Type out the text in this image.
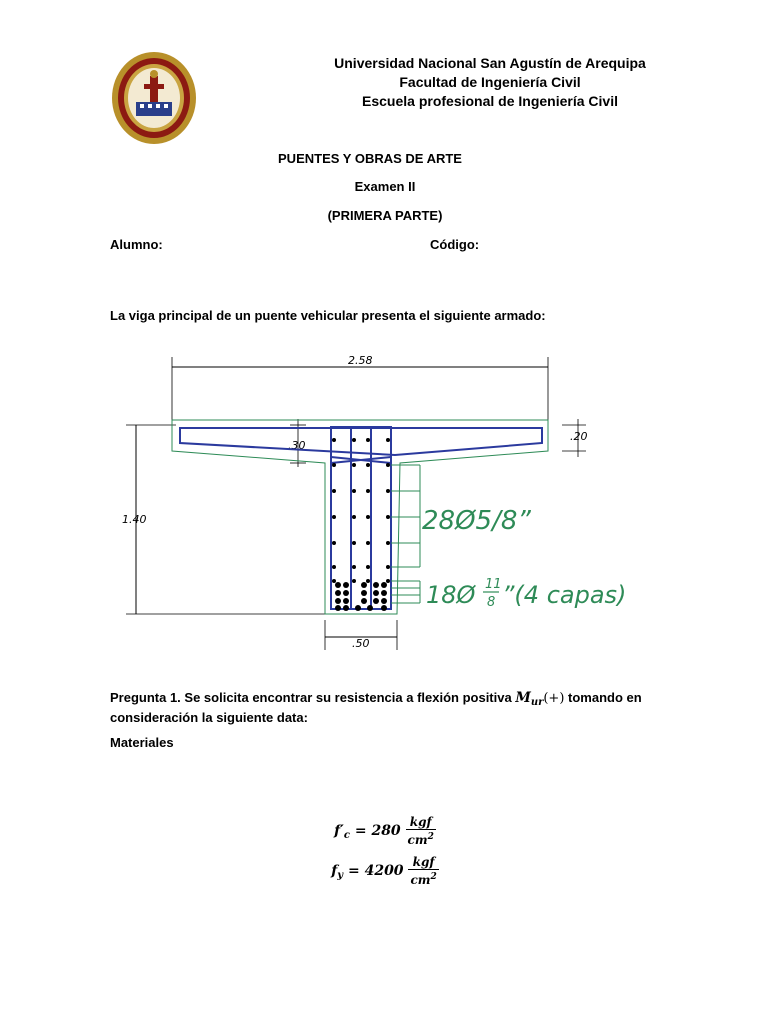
Universidad Nacional San Agustín de Arequipa
Facultad de Ingeniería Civil
Escuela profesional de Ingeniería Civil
PUENTES Y OBRAS DE ARTE
Examen II
(PRIMERA PARTE)
Alumno:	Código:
La viga principal de un puente vehicular presenta el siguiente armado:
2.58
1.40
.20
.30
.50
28Ø5/8”
18Ø 11
8 ”(4 capas)
Pregunta 1. Se solicita encontrar su resistencia a flexión positiva $M_{ur}(+)$ tomando en
consideración la siguiente data:
Materiales
$f'_c = 280 \frac{\text{kgf}}{cm^2}$
$f_y = 4200 \frac{\text{kgf}}{cm^2}$
